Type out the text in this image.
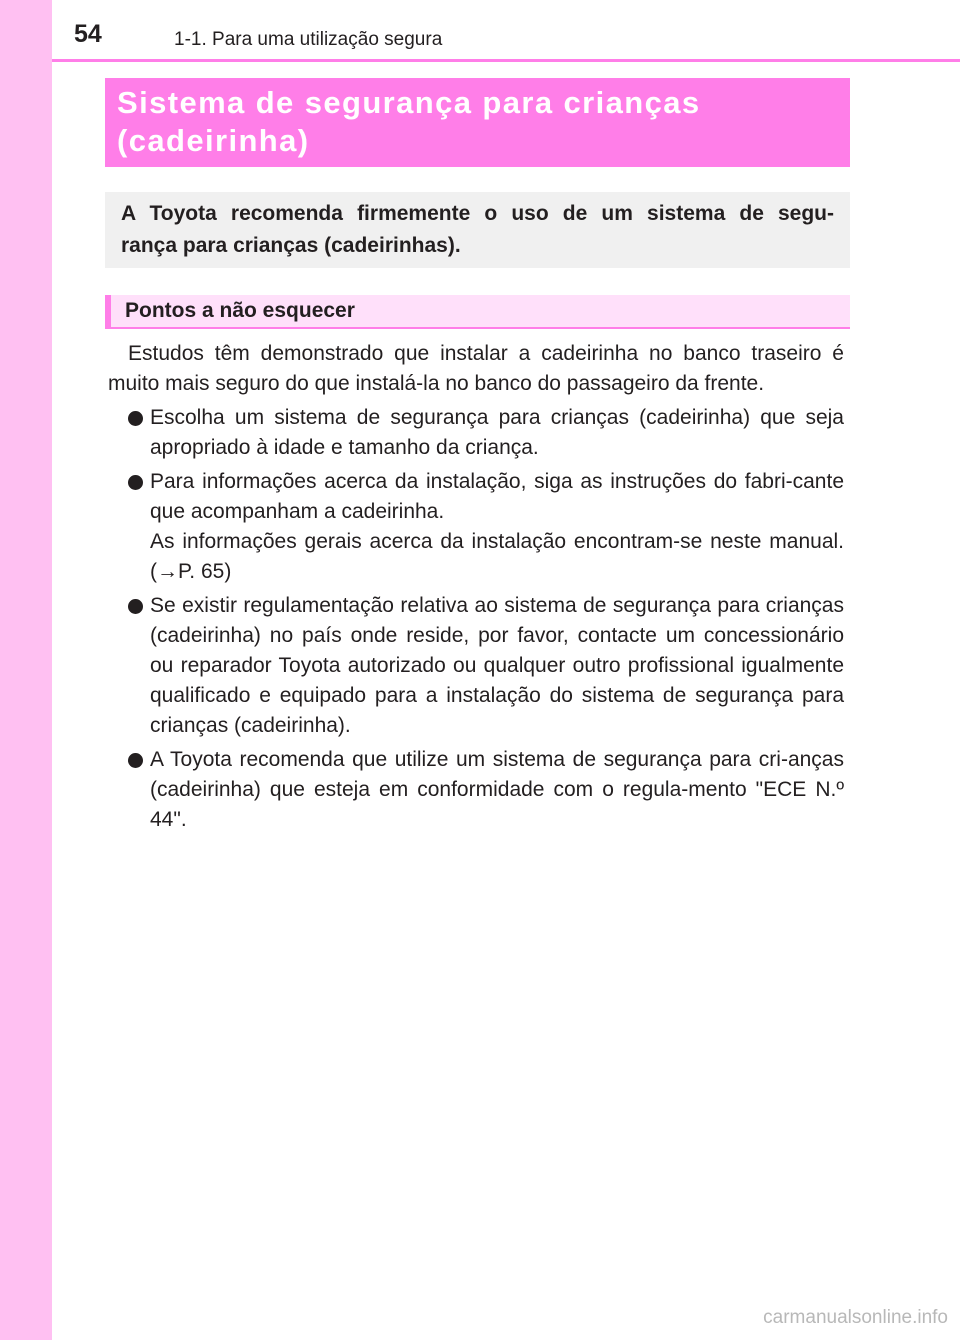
54	1-1. Para uma utilização segura
Sistema de segurança para crianças
(cadeirinha)
A Toyota recomenda firmemente o uso de um sistema de segu-
rança para crianças (cadeirinhas).
Pontos a não esquecer

Estudos têm demonstrado que instalar a cadeirinha no banco traseiro é muito mais seguro do que instalá-la no banco do passageiro da frente.

Escolha um sistema de segurança para crianças (cadeirinha) que seja apropriado à idade e tamanho da criança.

Para informações acerca da instalação, siga as instruções do fabri-cante que acompanham a cadeirinha.

As informações gerais acerca da instalação encontram-se neste manual. (→P. 65)

Se existir regulamentação relativa ao sistema de segurança para crianças (cadeirinha) no país onde reside, por favor, contacte um concessionário ou reparador Toyota autorizado ou qualquer outro profissional igualmente qualificado e equipado para a instalação do sistema de segurança para crianças (cadeirinha).

A Toyota recomenda que utilize um sistema de segurança para cri-anças (cadeirinha) que esteja em conformidade com o regula-mento "ECE N.º 44".

carmanualsonline.info
